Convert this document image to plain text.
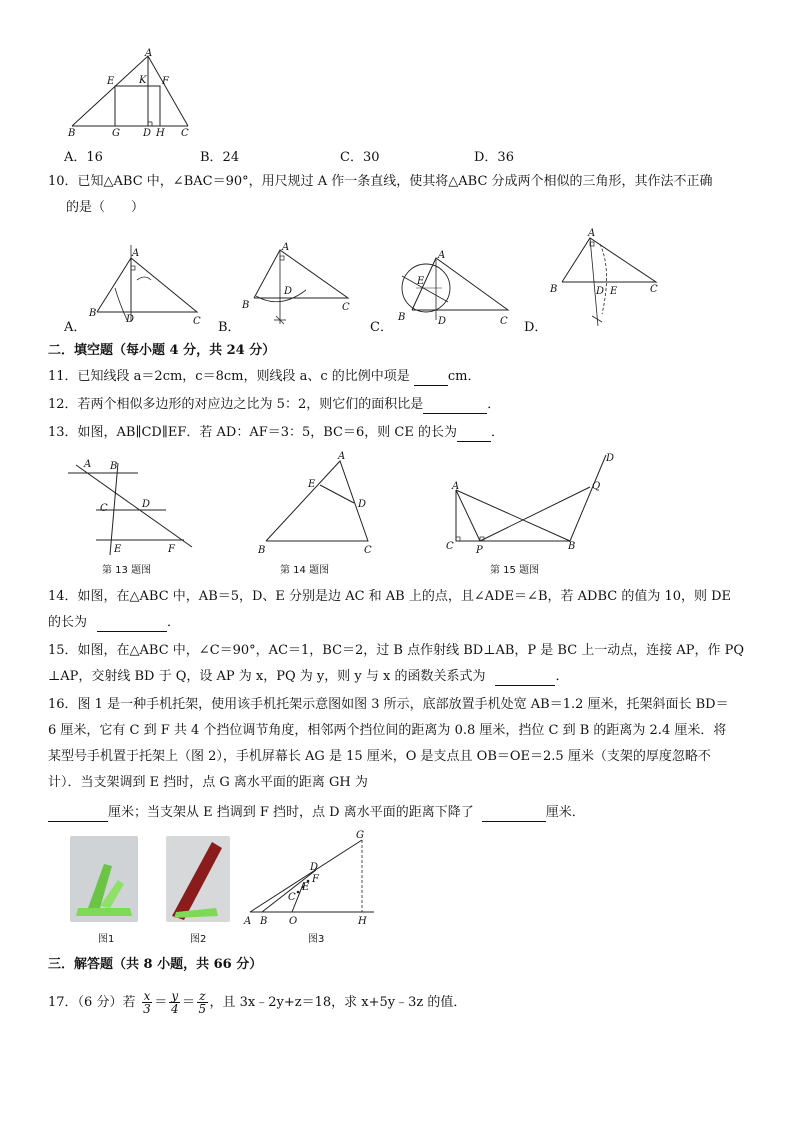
A
E K F
B	G D H C
A．16	B．24	C．30	D．36
10．已知△ABC 中，∠BAC＝90°，用尺规过 A 作一条直线，使其将△ABC 分成两个相似的三角形，其作法不正确
的是（　　）
A
B
C
D
A．
A
B	C
D
B．
A
E
B	D	C
C．
A
B	D E	C
D．
二．填空题（每小题 4 分，共 24 分）
11．已知线段 a＝2cm，c＝8cm，则线段 a、c 的比例中项是	cm．
12．若两个相似多边形的对应边之比为 5：2，则它们的面积比是	．
13．如图，AB∥CD∥EF．若 AD：AF＝3：5，BC＝6，则 CE 的长为	．
A B
C	D
E	F
第 13 题图
A
E
D
B	C
第 14 题图
A
C P	B
Q
D
第 15 题图
14．如图，在△ABC 中，AB＝5，D、E 分别是边 AC 和 AB 上的点，且∠ADE＝∠B，若 ADBC 的值为 10，则 DE
的长为	．
15．如图，在△ABC 中，∠C＝90°，AC＝1，BC＝2，过 B 点作射线 BD⊥AB，P 是 BC 上一动点，连接 AP，作 PQ
⊥AP，交射线 BD 于 Q，设 AP 为 x，PQ 为 y，则 y 与 x 的函数关系式为	．
16．图 1 是一种手机托架，使用该手机托架示意图如图 3 所示，底部放置手机处宽 AB＝1.2 厘米，托架斜面长 BD＝
6 厘米，它有 C 到 F 共 4 个挡位调节角度，相邻两个挡位间的距离为 0.8 厘米，挡位 C 到 B 的距离为 2.4 厘米．将
某型号手机置于托架上（图 2），手机屏幕长 AG 是 15 厘米，O 是支点且 OB＝OE＝2.5 厘米（支架的厚度忽略不
计）．当支架调到 E 挡时，点 G 离水平面的距离 GH 为
厘米；当支架从 E 挡调到 F 挡时，点 D 离水平面的距离下降了	厘米．
图1	图2
G
D
F
E
C
A B O	H
图3
三．解答题（共 8 小题，共 66 分）
17．（6 分）若 $\frac{x}{3} = \frac{y}{4} = \frac{z}{5}$ ，且 3x﹣2y+z＝18，求 x+5y﹣3z 的值．
